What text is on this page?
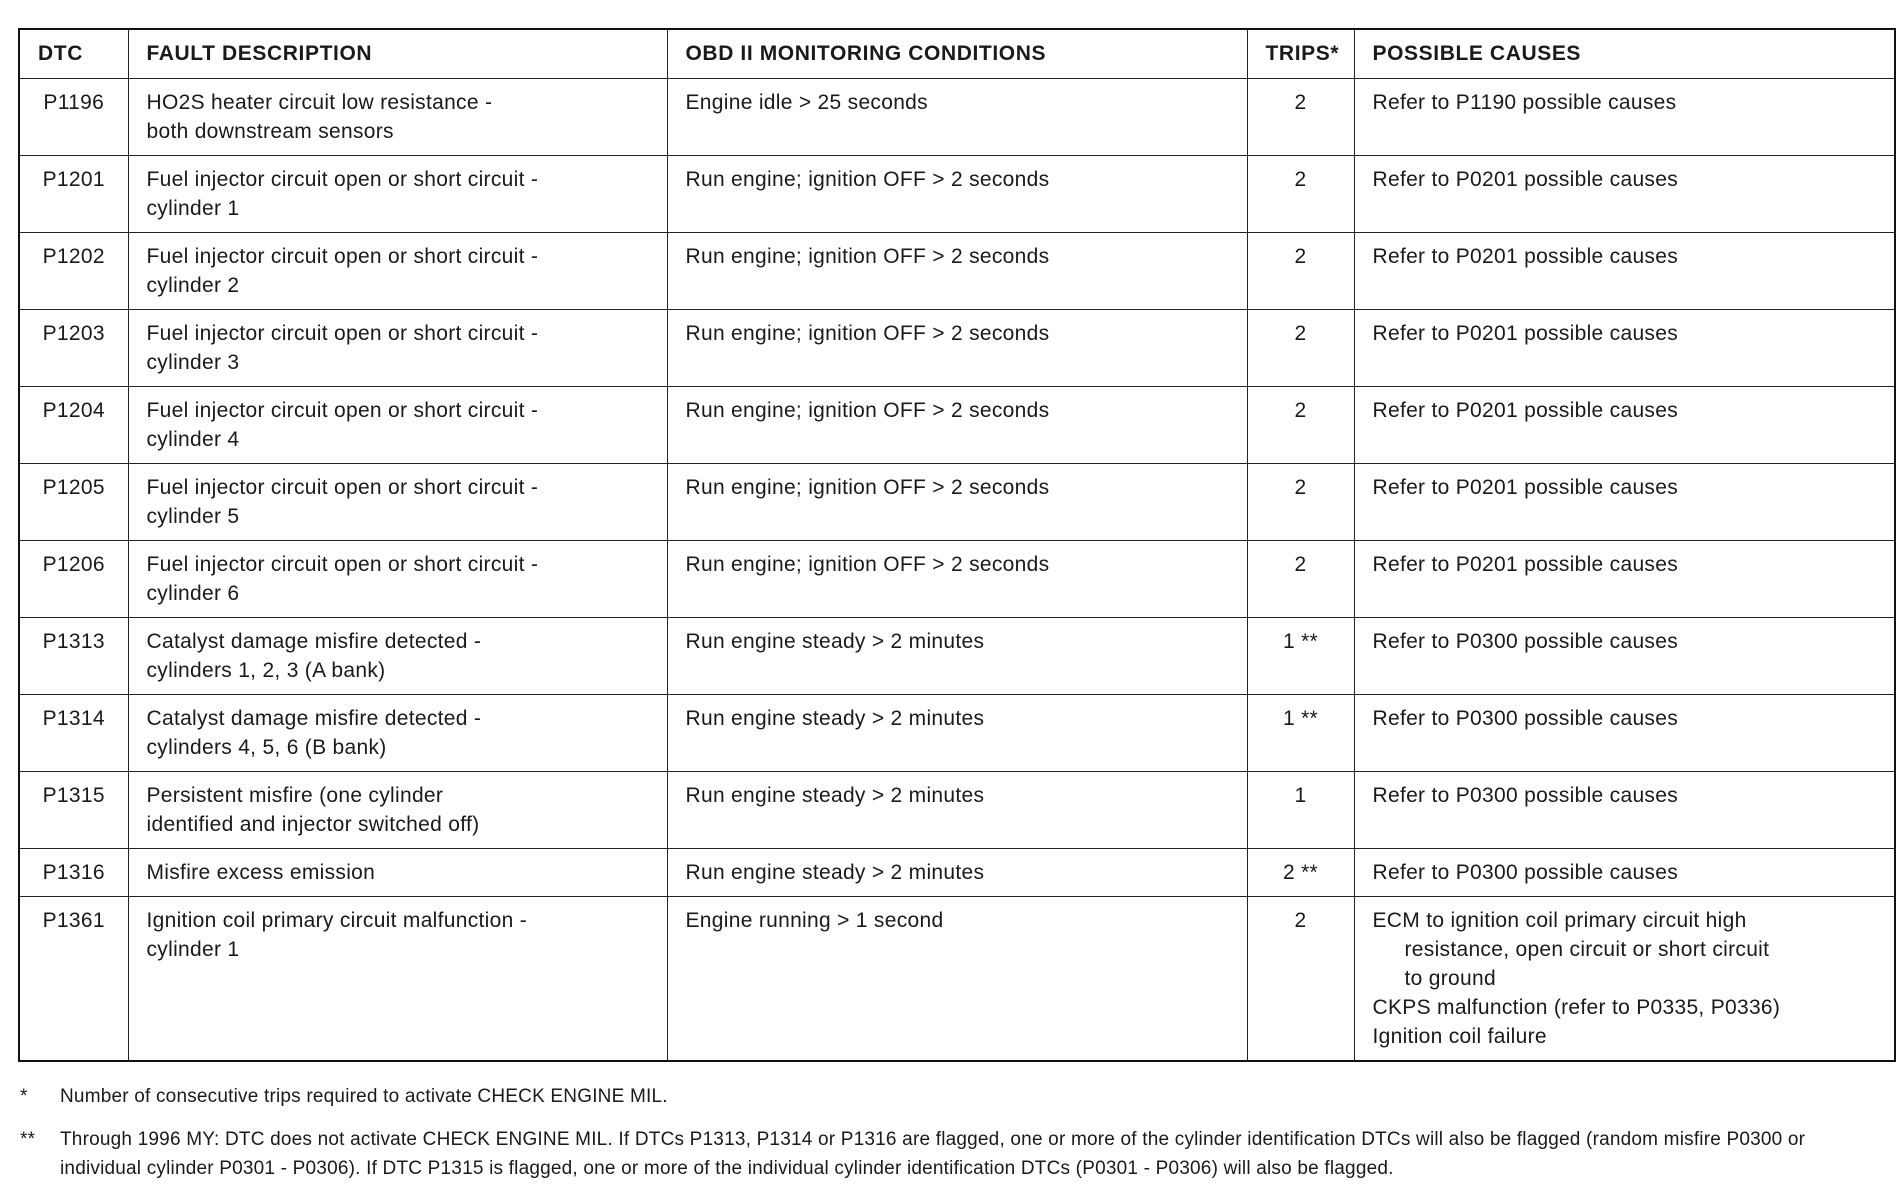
DTC	FAULT DESCRIPTION	OBD II MONITORING CONDITIONS	TRIPS*	POSSIBLE CAUSES
P1196	HO2S heater circuit low resistance -
both downstream sensors	Engine idle > 25 seconds	2	Refer to P1190 possible causes

P1201	Fuel injector circuit open or short circuit -
cylinder 1	Run engine; ignition OFF > 2 seconds	2	Refer to P0201 possible causes

P1202	Fuel injector circuit open or short circuit -
cylinder 2	Run engine; ignition OFF > 2 seconds	2	Refer to P0201 possible causes

P1203	Fuel injector circuit open or short circuit -
cylinder 3	Run engine; ignition OFF > 2 seconds	2	Refer to P0201 possible causes

P1204	Fuel injector circuit open or short circuit -
cylinder 4	Run engine; ignition OFF > 2 seconds	2	Refer to P0201 possible causes

P1205	Fuel injector circuit open or short circuit -
cylinder 5	Run engine; ignition OFF > 2 seconds	2	Refer to P0201 possible causes

P1206	Fuel injector circuit open or short circuit -
cylinder 6	Run engine; ignition OFF > 2 seconds	2	Refer to P0201 possible causes

P1313	Catalyst damage misfire detected -
cylinders 1, 2, 3 (A bank)	Run engine steady > 2 minutes	1 **	Refer to P0300 possible causes

P1314	Catalyst damage misfire detected -
cylinders 4, 5, 6 (B bank)	Run engine steady > 2 minutes	1 **	Refer to P0300 possible causes

P1315	Persistent misfire (one cylinder
identified and injector switched off)	Run engine steady > 2 minutes	1	Refer to P0300 possible causes

P1316	Misfire excess emission	Run engine steady > 2 minutes	2 **	Refer to P0300 possible causes

P1361	Ignition coil primary circuit malfunction -
cylinder 1	Engine running > 1 second	2	ECM to ignition coil primary circuit high
resistance, open circuit or short circuit
to ground
CKPS malfunction (refer to P0335, P0336)
Ignition coil failure
*	Number of consecutive trips required to activate CHECK ENGINE MIL.
**	Through 1996 MY: DTC does not activate CHECK ENGINE MIL. If DTCs P1313, P1314 or P1316 are flagged, one or more of the cylinder identification DTCs will also be flagged (random misfire P0300 or individual cylinder P0301 - P0306). If DTC P1315 is flagged, one or more of the individual cylinder identification DTCs (P0301 - P0306) will also be flagged.
